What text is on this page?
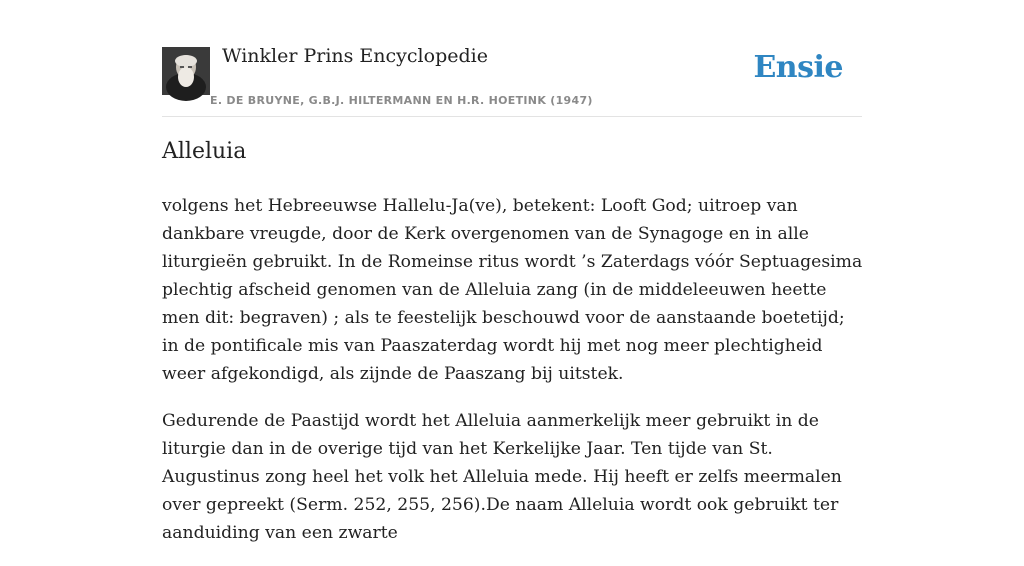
Winkler Prins Encyclopedie
E. DE BRUYNE, G.B.J. HILTERMANN EN H.R. HOETINK (1947)
Ensie
Alleluia

volgens het Hebreeuwse Hallelu-Ja(ve), betekent: Looft God; uitroep van dankbare vreugde, door de Kerk overgenomen van de Synagoge en in alle liturgieën gebruikt. In de Romeinse ritus wordt ’s Zaterdags vóór Septuagesima plechtig afscheid genomen van de Alleluia zang (in de middeleeuwen heette men dit: begraven) ; als te feestelijk beschouwd voor de aanstaande boetetijd; in de pontificale mis van Paaszaterdag wordt hij met nog meer plechtigheid weer afgekondigd, als zijnde de Paaszang bij uitstek.

Gedurende de Paastijd wordt het Alleluia aanmerkelijk meer gebruikt in de liturgie dan in de overige tijd van het Kerkelijke Jaar. Ten tijde van St. Augustinus zong heel het volk het Alleluia mede. Hij heeft er zelfs meermalen over gepreekt (Serm. 252, 255, 256).De naam Alleluia wordt ook gebruikt ter aanduiding van een zwarte
